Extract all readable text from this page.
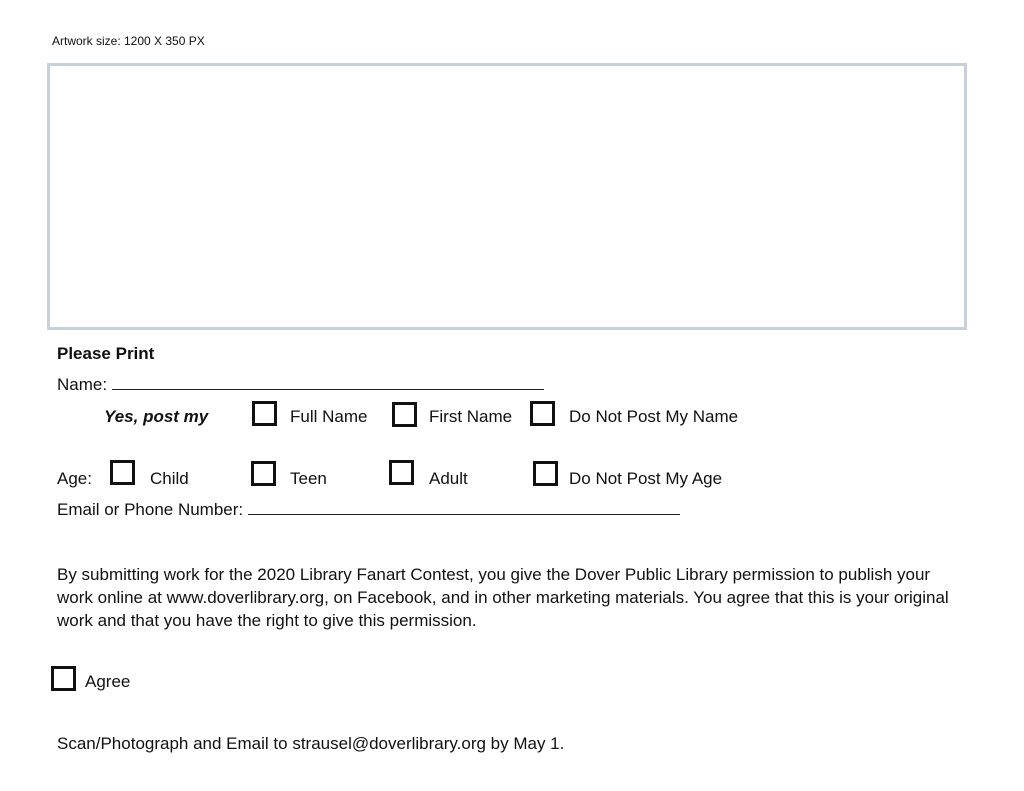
Artwork size: 1200 X 350 PX
Please Print
Name:
Yes, post my	Full Name	First Name	Do Not Post My Name
Age:	Child	Teen	Adult	Do Not Post My Age
Email or Phone Number:
By submitting work for the 2020 Library Fanart Contest, you give the Dover Public Library permission to publish your work online at www.doverlibrary.org, on Facebook, and in other marketing materials. You agree that this is your original work and that you have the right to give this permission.
Agree
Scan/Photograph and Email to strausel@doverlibrary.org by May 1.
